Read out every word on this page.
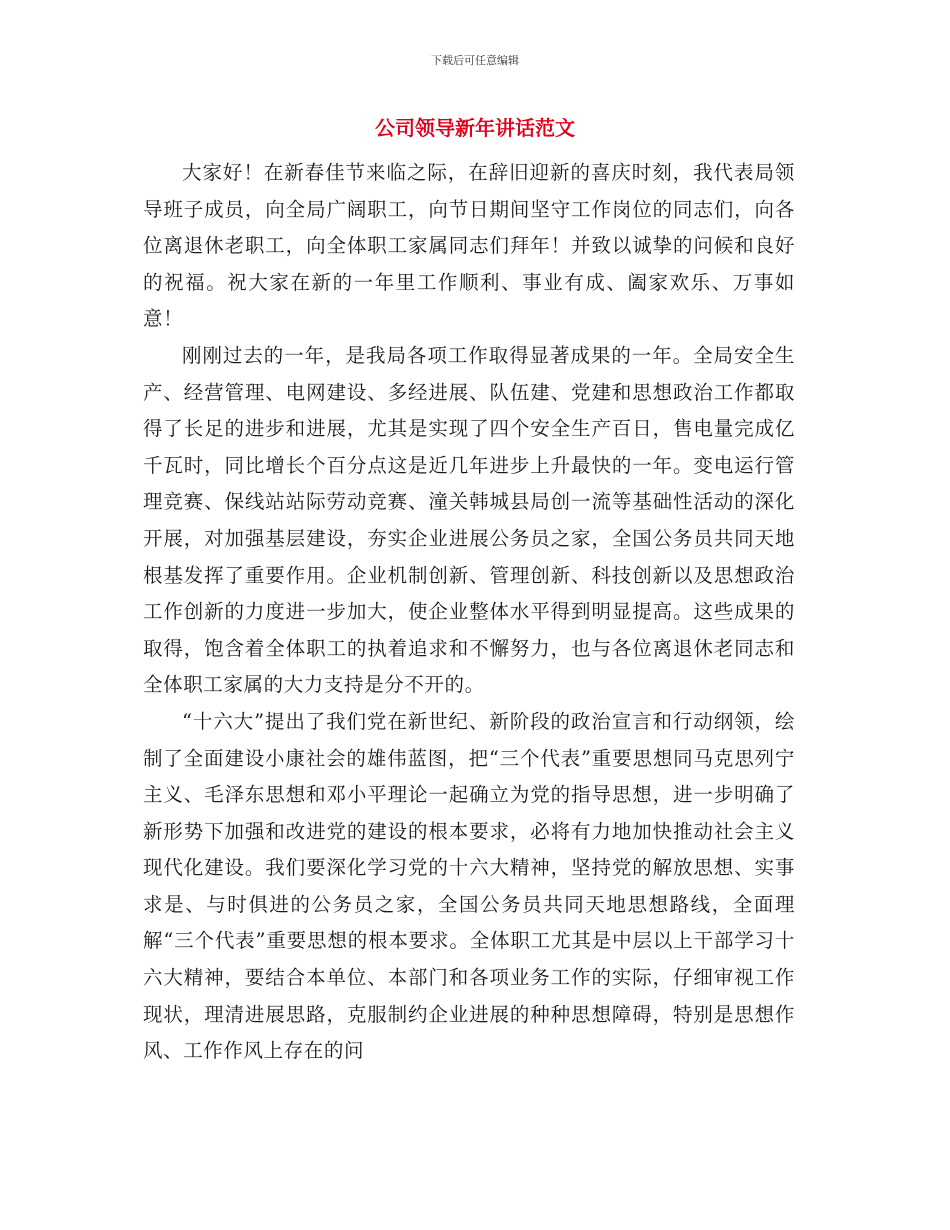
下载后可任意编辑
公司领导新年讲话范文

大家好！在新春佳节来临之际，在辞旧迎新的喜庆时刻，我代表局领导班子成员，向全局广阔职工，向节日期间坚守工作岗位的同志们，向各位离退休老职工，向全体职工家属同志们拜年！并致以诚挚的问候和良好的祝福。祝大家在新的一年里工作顺利、事业有成、阖家欢乐、万事如意！

刚刚过去的一年，是我局各项工作取得显著成果的一年。全局安全生产、经营管理、电网建设、多经进展、队伍建、党建和思想政治工作都取得了长足的进步和进展，尤其是实现了四个安全生产百日，售电量完成亿千瓦时，同比增长个百分点这是近几年进步上升最快的一年。变电运行管理竞赛、保线站站际劳动竞赛、潼关韩城县局创一流等基础性活动的深化开展，对加强基层建设，夯实企业进展公务员之家，全国公务员共同天地根基发挥了重要作用。企业机制创新、管理创新、科技创新以及思想政治工作创新的力度进一步加大，使企业整体水平得到明显提高。这些成果的取得，饱含着全体职工的执着追求和不懈努力，也与各位离退休老同志和全体职工家属的大力支持是分不开的。

“十六大”提出了我们党在新世纪、新阶段的政治宣言和行动纲领，绘制了全面建设小康社会的雄伟蓝图，把“三个代表”重要思想同马克思列宁主义、毛泽东思想和邓小平理论一起确立为党的指导思想，进一步明确了新形势下加强和改进党的建设的根本要求，必将有力地加快推动社会主义现代化建设。我们要深化学习党的十六大精神，坚持党的解放思想、实事求是、与时俱进的公务员之家，全国公务员共同天地思想路线，全面理解“三个代表”重要思想的根本要求。全体职工尤其是中层以上干部学习十六大精神，要结合本单位、本部门和各项业务工作的实际，仔细审视工作现状，理清进展思路，克服制约企业进展的种种思想障碍，特别是思想作风、工作作风上存在的问
